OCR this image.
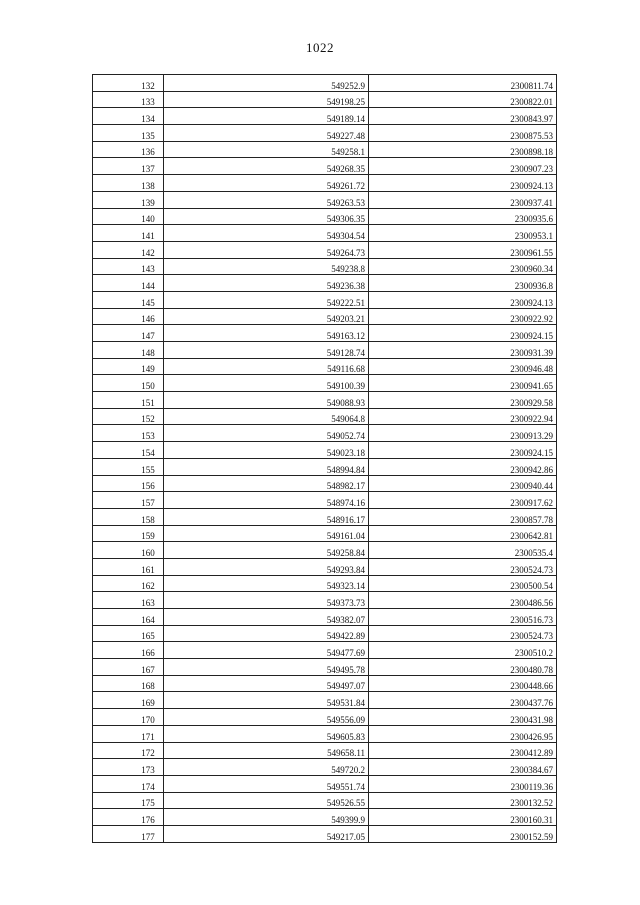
1022
132	549252.9	2300811.74
133	549198.25	2300822.01
134	549189.14	2300843.97
135	549227.48	2300875.53
136	549258.1	2300898.18
137	549268.35	2300907.23
138	549261.72	2300924.13
139	549263.53	2300937.41
140	549306.35	2300935.6
141	549304.54	2300953.1
142	549264.73	2300961.55
143	549238.8	2300960.34
144	549236.38	2300936.8
145	549222.51	2300924.13
146	549203.21	2300922.92
147	549163.12	2300924.15
148	549128.74	2300931.39
149	549116.68	2300946.48
150	549100.39	2300941.65
151	549088.93	2300929.58
152	549064.8	2300922.94
153	549052.74	2300913.29
154	549023.18	2300924.15
155	548994.84	2300942.86
156	548982.17	2300940.44
157	548974.16	2300917.62
158	548916.17	2300857.78
159	549161.04	2300642.81
160	549258.84	2300535.4
161	549293.84	2300524.73
162	549323.14	2300500.54
163	549373.73	2300486.56
164	549382.07	2300516.73
165	549422.89	2300524.73
166	549477.69	2300510.2
167	549495.78	2300480.78
168	549497.07	2300448.66
169	549531.84	2300437.76
170	549556.09	2300431.98
171	549605.83	2300426.95
172	549658.11	2300412.89
173	549720.2	2300384.67
174	549551.74	2300119.36
175	549526.55	2300132.52
176	549399.9	2300160.31
177	549217.05	2300152.59
